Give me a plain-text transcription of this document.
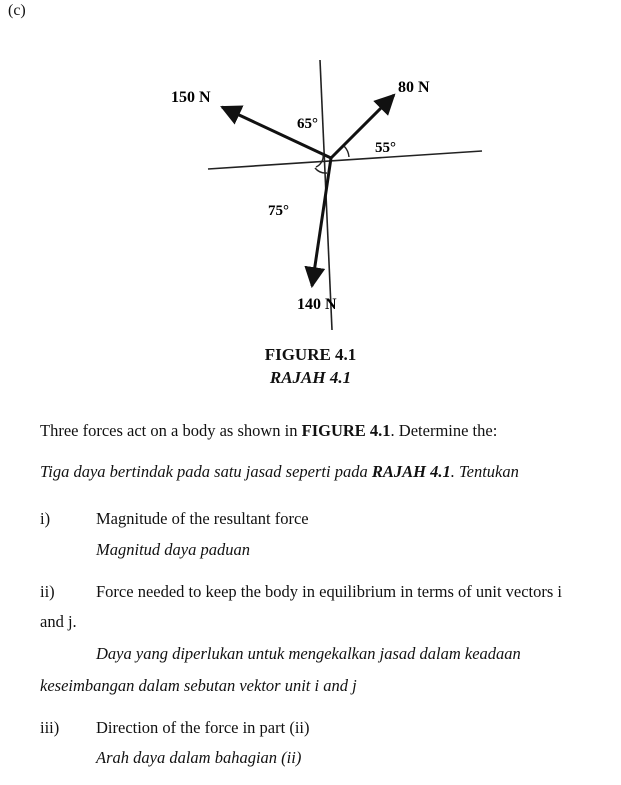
(c)
150 N
80 N
140 N
65°
55°
75°
FIGURE 4.1
RAJAH 4.1
Three forces act on a body as shown in FIGURE 4.1. Determine the:
Tiga daya bertindak pada satu jasad seperti pada RAJAH 4.1. Tentukan
i)	Magnitude of the resultant force
Magnitud daya paduan
ii)	Force needed to keep the body in equilibrium in terms of unit vectors i
and j.
Daya yang diperlukan untuk mengekalkan jasad dalam keadaan
keseimbangan dalam sebutan vektor unit i and j
iii) Direction of the force in part (ii)
Arah daya dalam bahagian (ii)
